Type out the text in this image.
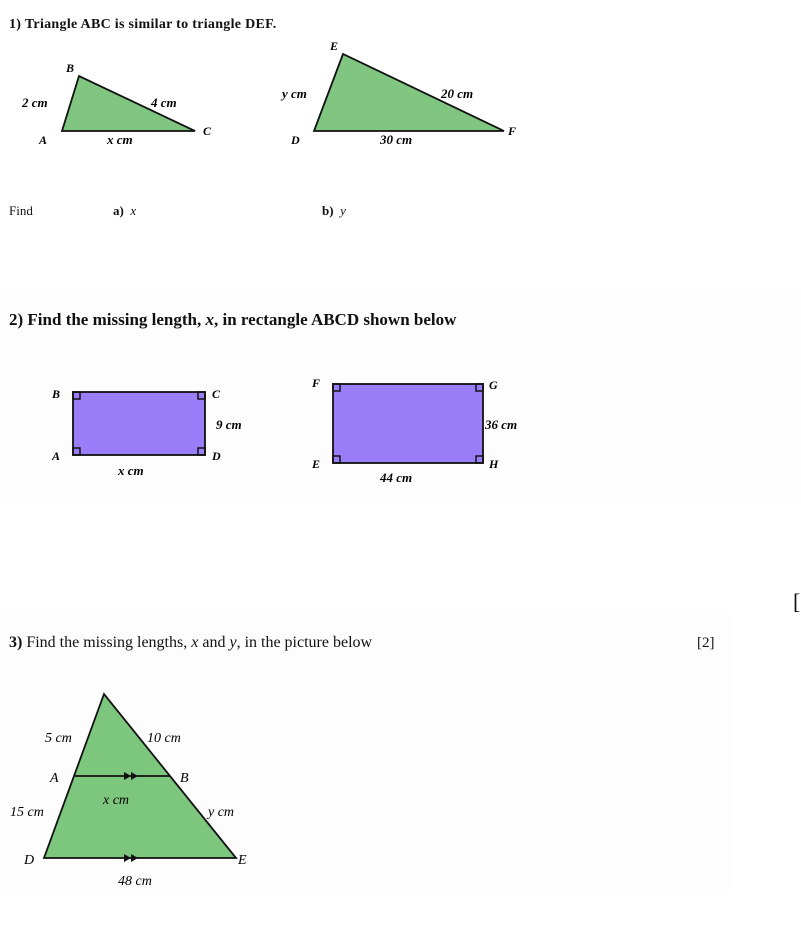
1) Triangle ABC is similar to triangle DEF.
B
A
C
2 cm	4 cm
x cm
E
D
F
y cm	20 cm
30 cm
Find	a) x	b) y
2) Find the missing length, x, in rectangle ABCD shown below
B	C
A	D
9 cm
x cm
F	G
E	H
36 cm
44 cm
[
3) Find the missing lengths, x and y, in the picture below	[2]
5 cm	10 cm
A	B
x cm
15 cm	y cm
D	E
48 cm
